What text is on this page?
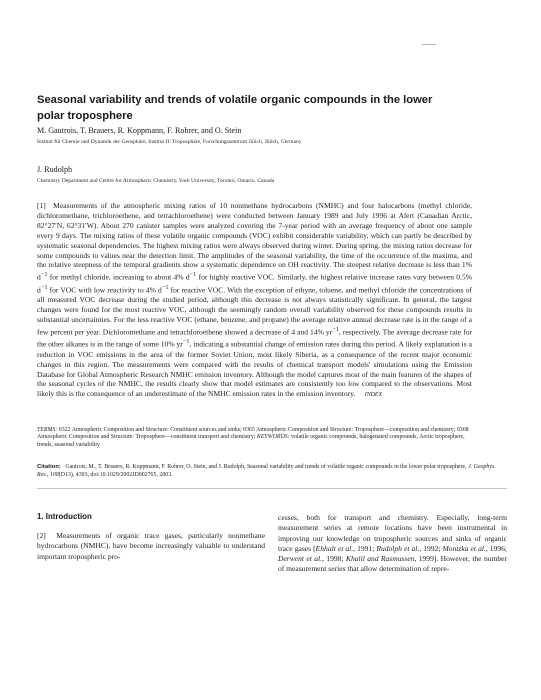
Seasonal variability and trends of volatile organic compounds in the lower polar troposphere
M. Gautrois, T. Brauers, R. Koppmann, F. Rohrer, and O. Stein
Institut für Chemie und Dynamik der Geosphäre, Institut II: Troposphäre, Forschungszentrum Jülich, Jülich, Germany
J. Rudolph
Chemistry Department and Centre for Atmospheric Chemistry, York University, Toronto, Ontario, Canada

[1] Measurements of the atmospheric mixing ratios of 10 nonmethane hydrocarbons (NMHC) and four halocarbons (methyl chloride, dichloromethane, trichloroethene, and tetrachloroethene) were conducted between January 1989 and July 1996 at Alert (Canadian Arctic, 82°27′N, 62°31′W). About 270 canister samples were analyzed covering the 7-year period with an average frequency of about one sample every 9 days. The mixing ratios of these volatile organic compounds (VOC) exhibit considerable variability, which can partly be described by systematic seasonal dependencies. The highest mixing ratios were always observed during winter. During spring, the mixing ratios decrease for some compounds to values near the detection limit. The amplitudes of the seasonal variability, the time of the occurrence of the maxima, and the relative steepness of the temporal gradients show a systematic dependence on OH reactivity. The steepest relative decrease is less than 1% $d^{-1}$ for methyl chloride, increasing to about 4% $d^{-1}$ for highly reactive VOC. Similarly, the highest relative increase rates vary between 0.5% $d^{-1}$ for VOC with low reactivity to 4% $d^{-1}$ for reactive VOC. With the exception of ethyne, toluene, and methyl chloride the concentrations of all measured VOC decrease during the studied period, although this decrease is not always statistically significant. In general, the largest changes were found for the most reactive VOC, although the seemingly random overall variability observed for these compounds results in substantial uncertainties. For the less reactive VOC (ethane, benzene, and propane) the average relative annual decrease rate is in the range of a few percent per year. Dichloromethane and tetrachloroethene showed a decrease of 4 and 14% $yr^{-1}$, respectively. The average decrease rate for the other alkanes is in the range of some 10% $yr^{-1}$, indicating a substantial change of emission rates during this period. A likely explanation is a reduction in VOC emissions in the area of the former Soviet Union, most likely Siberia, as a consequence of the recent major economic changes in this region. The measurements were compared with the results of chemical transport models' simulations using the Emission Database for Global Atmospheric Research NMHC emission inventory. Although the model captures most of the main features of the shapes of the seasonal cycles of the NMHC, the results clearly show that model estimates are consistently too low compared to the observations. Most likely this is the consequence of an underestimate of the NMHC emission rates in the emission inventory. INDEX

TERMS: 0322 Atmospheric Composition and Structure: Constituent sources and sinks; 0365 Atmospheric Composition and Structure: Troposphere—composition and chemistry; 0368 Atmospheric Composition and Structure: Troposphere—constituent transport and chemistry; KEYWORDS: volatile organic compounds, halogenated compounds, Arctic troposphere, trends, seasonal variability

Citation: Gautrois, M., T. Brauers, R. Koppmann, F. Rohrer, O. Stein, and J. Rudolph, Seasonal variability and trends of volatile organic compounds in the lower polar troposphere, J. Geophys. Res., 108(D13), 4393, doi:10.1029/2002JD002765, 2003.

1. Introduction

[2] Measurements of organic trace gases, particularly nonmethane hydrocarbons (NMHC), have become increasingly valuable to understand important tropospheric pro-

cesses, both for transport and chemistry. Especially, long-term measurement series at remote locations have been instrumental in improving our knowledge on tropospheric sources and sinks of organic trace gases [Ehhalt et al., 1991; Rudolph et al., 1992; Montzka et al., 1996; Derwent et al., 1998; Khalil and Rasmussen, 1999]. However, the number of measurement series that allow determination of repre-
